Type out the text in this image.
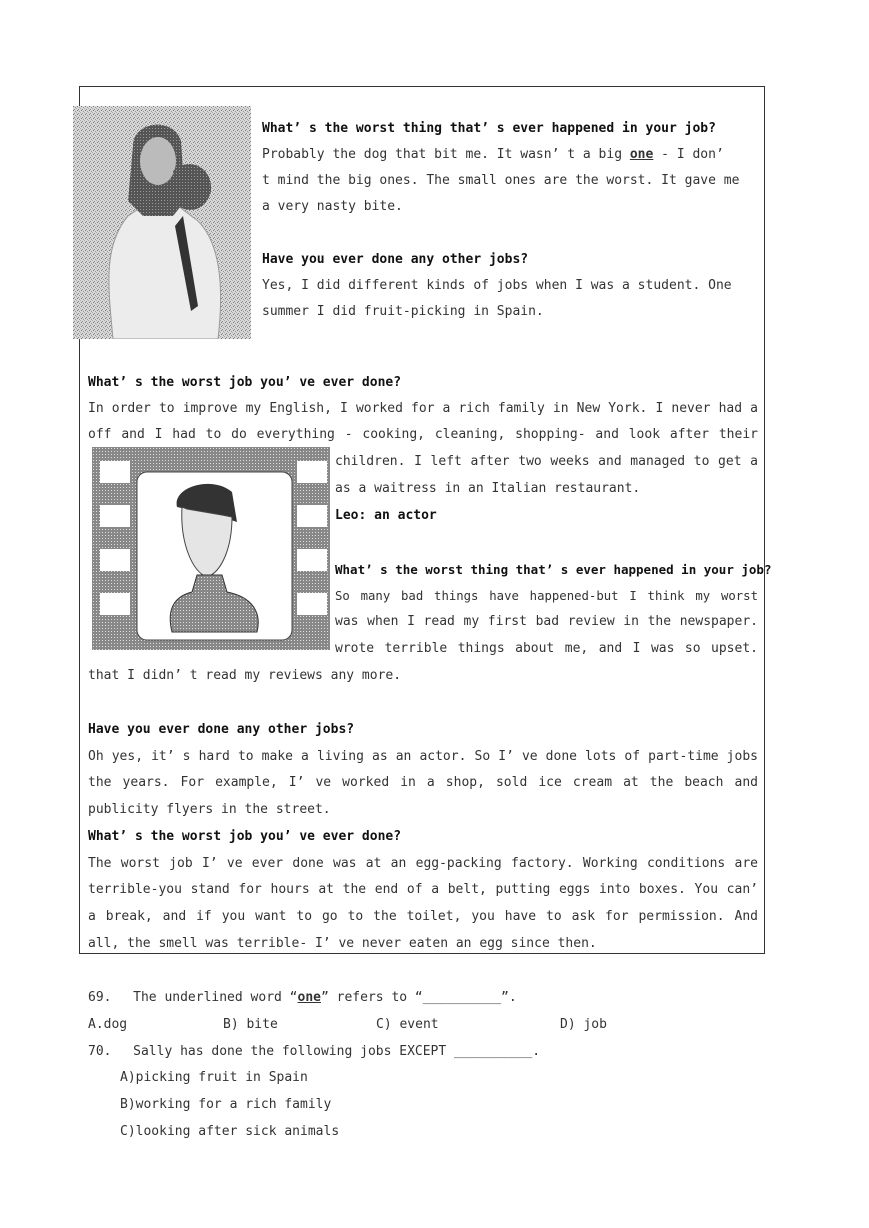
What’ s the worst thing that’ s ever happened in your job?
Probably the dog that bit me. It wasn’ t a big one - I don’
t mind the big ones. The small ones are the worst. It gave me
a very nasty bite.
Have you ever done any other jobs?
Yes, I did different kinds of jobs when I was a student. One
summer I did fruit-picking in Spain.
What’ s the worst job you’ ve ever done?
In order to improve my English, I worked for a rich family in New York. I never had a
off and I had to do everything - cooking, cleaning, shopping- and look after their
children. I left after two weeks and managed to get a
as a waitress in an Italian restaurant.
Leo: an actor
What’ s the worst thing that’ s ever happened in your job?
So many bad things have happened-but I think my worst
was when I read my first bad review in the newspaper.
wrote terrible things about me, and I was so upset.
that I didn’ t read my reviews any more.
Have you ever done any other jobs?
Oh yes, it’ s hard to make a living as an actor. So I’ ve done lots of part-time jobs
the years. For example, I’ ve worked in a shop, sold ice cream at the beach and
publicity flyers in the street.
What’ s the worst job you’ ve ever done?
The worst job I’ ve ever done was at an egg-packing factory. Working conditions are
terrible-you stand for hours at the end of a belt, putting eggs into boxes. You can’
a break, and if you want to go to the toilet, you have to ask for permission. And
all, the smell was terrible- I’ ve never eaten an egg since then.
69. The underlined word “one” refers to “__________”.
A.dog	B) bite	C) event	D) job
70. Sally has done the following jobs EXCEPT __________.
A)picking fruit in Spain
B)working for a rich family
C)looking after sick animals
